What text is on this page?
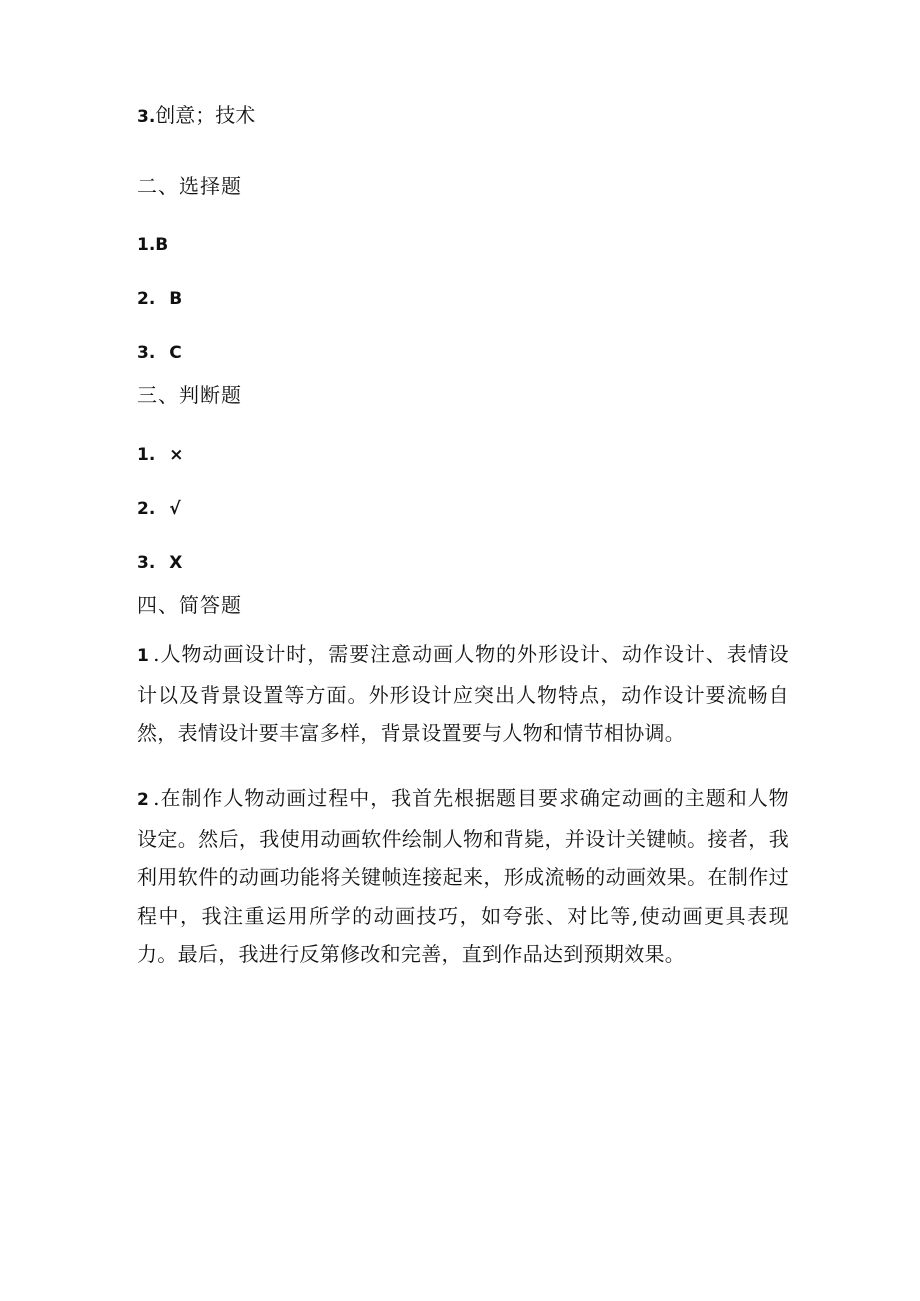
3.创意；技术
二、选择题
1.B
2. B
3. C
三、判断题
1. ×
2. √
3. X
四、简答题
1 .人物动画设计时，需要注意动画人物的外形设计、动作设计、表情设计以及背景设置等方面。外形设计应突出人物特点，动作设计要流畅自然，表情设计要丰富多样，背景设置要与人物和情节相协调。
2 .在制作人物动画过程中，我首先根据题目要求确定动画的主题和人物设定。然后，我使用动画软件绘制人物和背毙，并设计关键帧。接者，我利用软件的动画功能将关键帧连接起来，形成流畅的动画效果。在制作过程中，我注重运用所学的动画技巧，如夸张、对比等,使动画更具表现力。最后，我进行反第修改和完善，直到作品达到预期效果。
